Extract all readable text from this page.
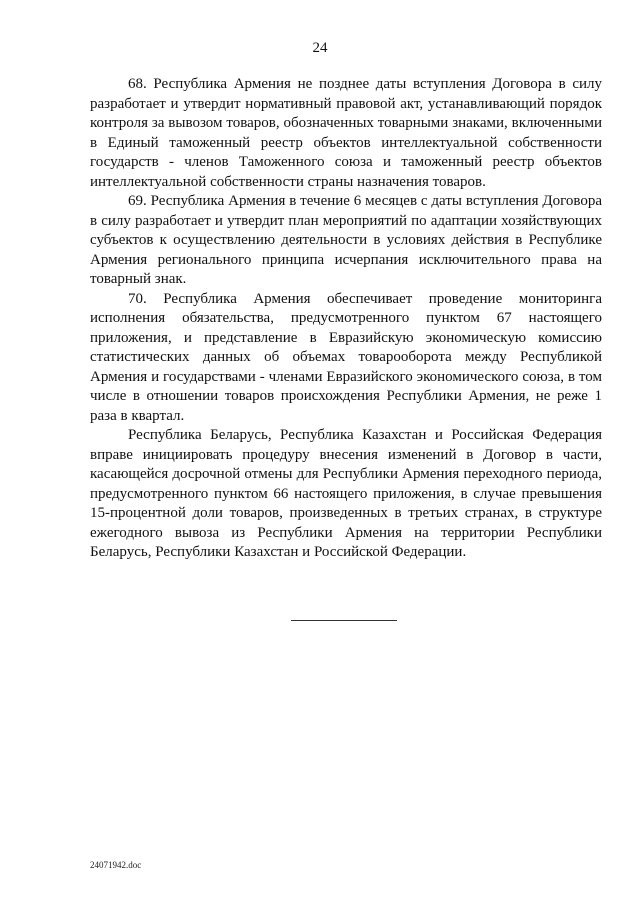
24

68. Республика Армения не позднее даты вступления Договора в силу разработает и утвердит нормативный правовой акт, устанавливающий порядок контроля за вывозом товаров, обозначенных товарными знаками, включенными в Единый таможенный реестр объектов интеллектуальной собственности государств - членов Таможенного союза и таможенный реестр объектов интеллектуальной собственности страны назначения товаров.

69. Республика Армения в течение 6 месяцев с даты вступления Договора в силу разработает и утвердит план мероприятий по адаптации хозяйствующих субъектов к осуществлению деятельности в условиях действия в Республике Армения регионального принципа исчерпания исключительного права на товарный знак.

70. Республика Армения обеспечивает проведение мониторинга исполнения обязательства, предусмотренного пунктом 67 настоящего приложения, и представление в Евразийскую экономическую комиссию статистических данных об объемах товарооборота между Республикой Армения и государствами - членами Евразийского экономического союза, в том числе в отношении товаров происхождения Республики Армения, не реже 1 раза в квартал.

Республика Беларусь, Республика Казахстан и Российская Федерация вправе инициировать процедуру внесения изменений в Договор в части, касающейся досрочной отмены для Республики Армения переходного периода, предусмотренного пунктом 66 настоящего приложения, в случае превышения 15-процентной доли товаров, произведенных в третьих странах, в структуре ежегодного вывоза из Республики Армения на территории Республики Беларусь, Республики Казахстан и Российской Федерации.

24071942.doc
